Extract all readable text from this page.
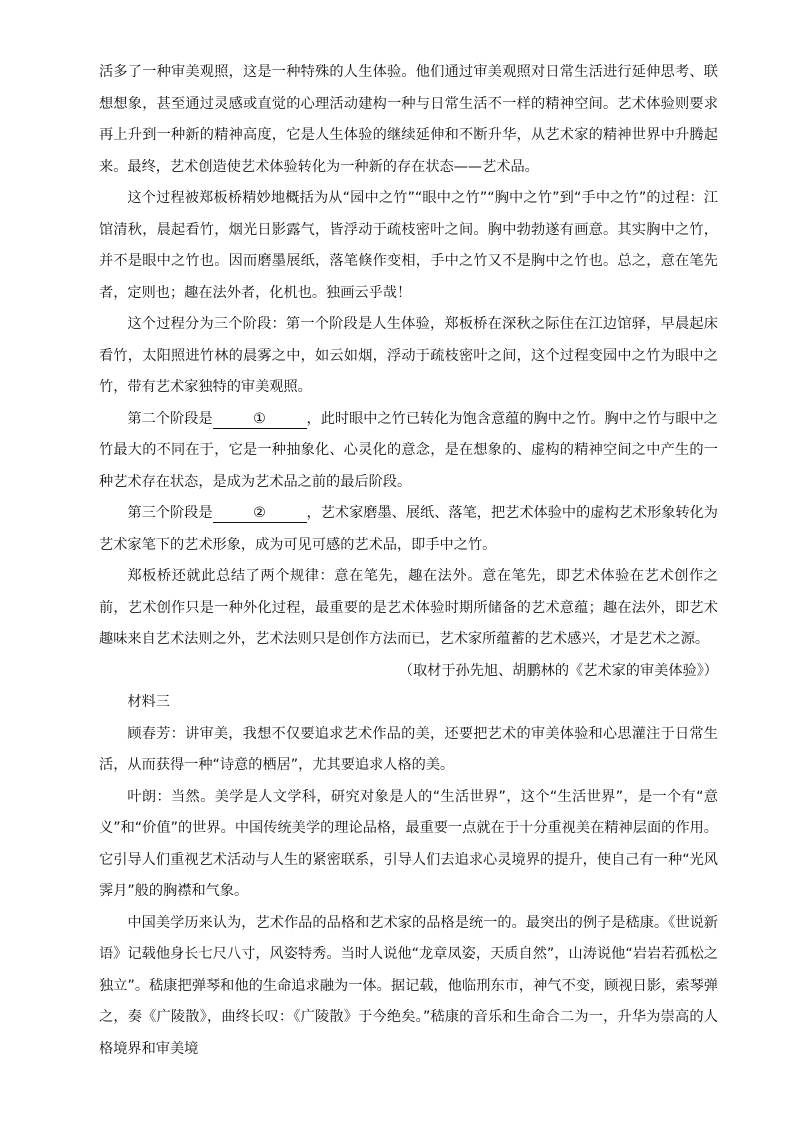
活多了一种审美观照，这是一种特殊的人生体验。他们通过审美观照对日常生活进行延伸思考、联想想象，甚至通过灵感或直觉的心理活动建构一种与日常生活不一样的精神空间。艺术体验则要求再上升到一种新的精神高度，它是人生体验的继续延伸和不断升华，从艺术家的精神世界中升腾起来。最终，艺术创造使艺术体验转化为一种新的存在状态——艺术品。

这个过程被郑板桥精妙地概括为从“园中之竹”“眼中之竹”“胸中之竹”到“手中之竹”的过程：江馆清秋，晨起看竹，烟光日影露气，皆浮动于疏枝密叶之间。胸中勃勃遂有画意。其实胸中之竹，并不是眼中之竹也。因而磨墨展纸，落笔倏作变相，手中之竹又不是胸中之竹也。总之，意在笔先者，定则也；趣在法外者，化机也。独画云乎哉！

这个过程分为三个阶段：第一个阶段是人生体验，郑板桥在深秋之际住在江边馆驿，早晨起床看竹，太阳照进竹林的晨雾之中，如云如烟，浮动于疏枝密叶之间，这个过程变园中之竹为眼中之竹，带有艺术家独特的审美观照。

第二个阶段是	①	，此时眼中之竹已转化为饱含意蕴的胸中之竹。胸中之竹与眼中之竹最大的不同在于，它是一种抽象化、心灵化的意念，是在想象的、虚构的精神空间之中产生的一种艺术存在状态，是成为艺术品之前的最后阶段。

第三个阶段是	②	，艺术家磨墨、展纸、落笔，把艺术体验中的虚构艺术形象转化为艺术家笔下的艺术形象，成为可见可感的艺术品，即手中之竹。

郑板桥还就此总结了两个规律：意在笔先，趣在法外。意在笔先，即艺术体验在艺术创作之前，艺术创作只是一种外化过程，最重要的是艺术体验时期所储备的艺术意蕴；趣在法外，即艺术趣味来自艺术法则之外，艺术法则只是创作方法而已，艺术家所蕴蓄的艺术感兴，才是艺术之源。

（取材于孙先旭、胡鹏林的《艺术家的审美体验》）

材料三

顾春芳：讲审美，我想不仅要追求艺术作品的美，还要把艺术的审美体验和心思灌注于日常生活，从而获得一种“诗意的栖居”，尤其要追求人格的美。

叶朗：当然。美学是人文学科，研究对象是人的“生活世界”，这个“生活世界”，是一个有“意义”和“价值”的世界。中国传统美学的理论品格，最重要一点就在于十分重视美在精神层面的作用。它引导人们重视艺术活动与人生的紧密联系，引导人们去追求心灵境界的提升，使自己有一种“光风霁月”般的胸襟和气象。

中国美学历来认为，艺术作品的品格和艺术家的品格是统一的。最突出的例子是嵇康。《世说新语》记载他身长七尺八寸，风姿特秀。当时人说他“龙章凤姿，天质自然”，山涛说他“岩岩若孤松之独立”。嵇康把弹琴和他的生命追求融为一体。据记载，他临刑东市，神气不变，顾视日影，索琴弹之，奏《广陵散》，曲终长叹：《广陵散》于今绝矣。”嵇康的音乐和生命合二为一，升华为崇高的人格境界和审美境
